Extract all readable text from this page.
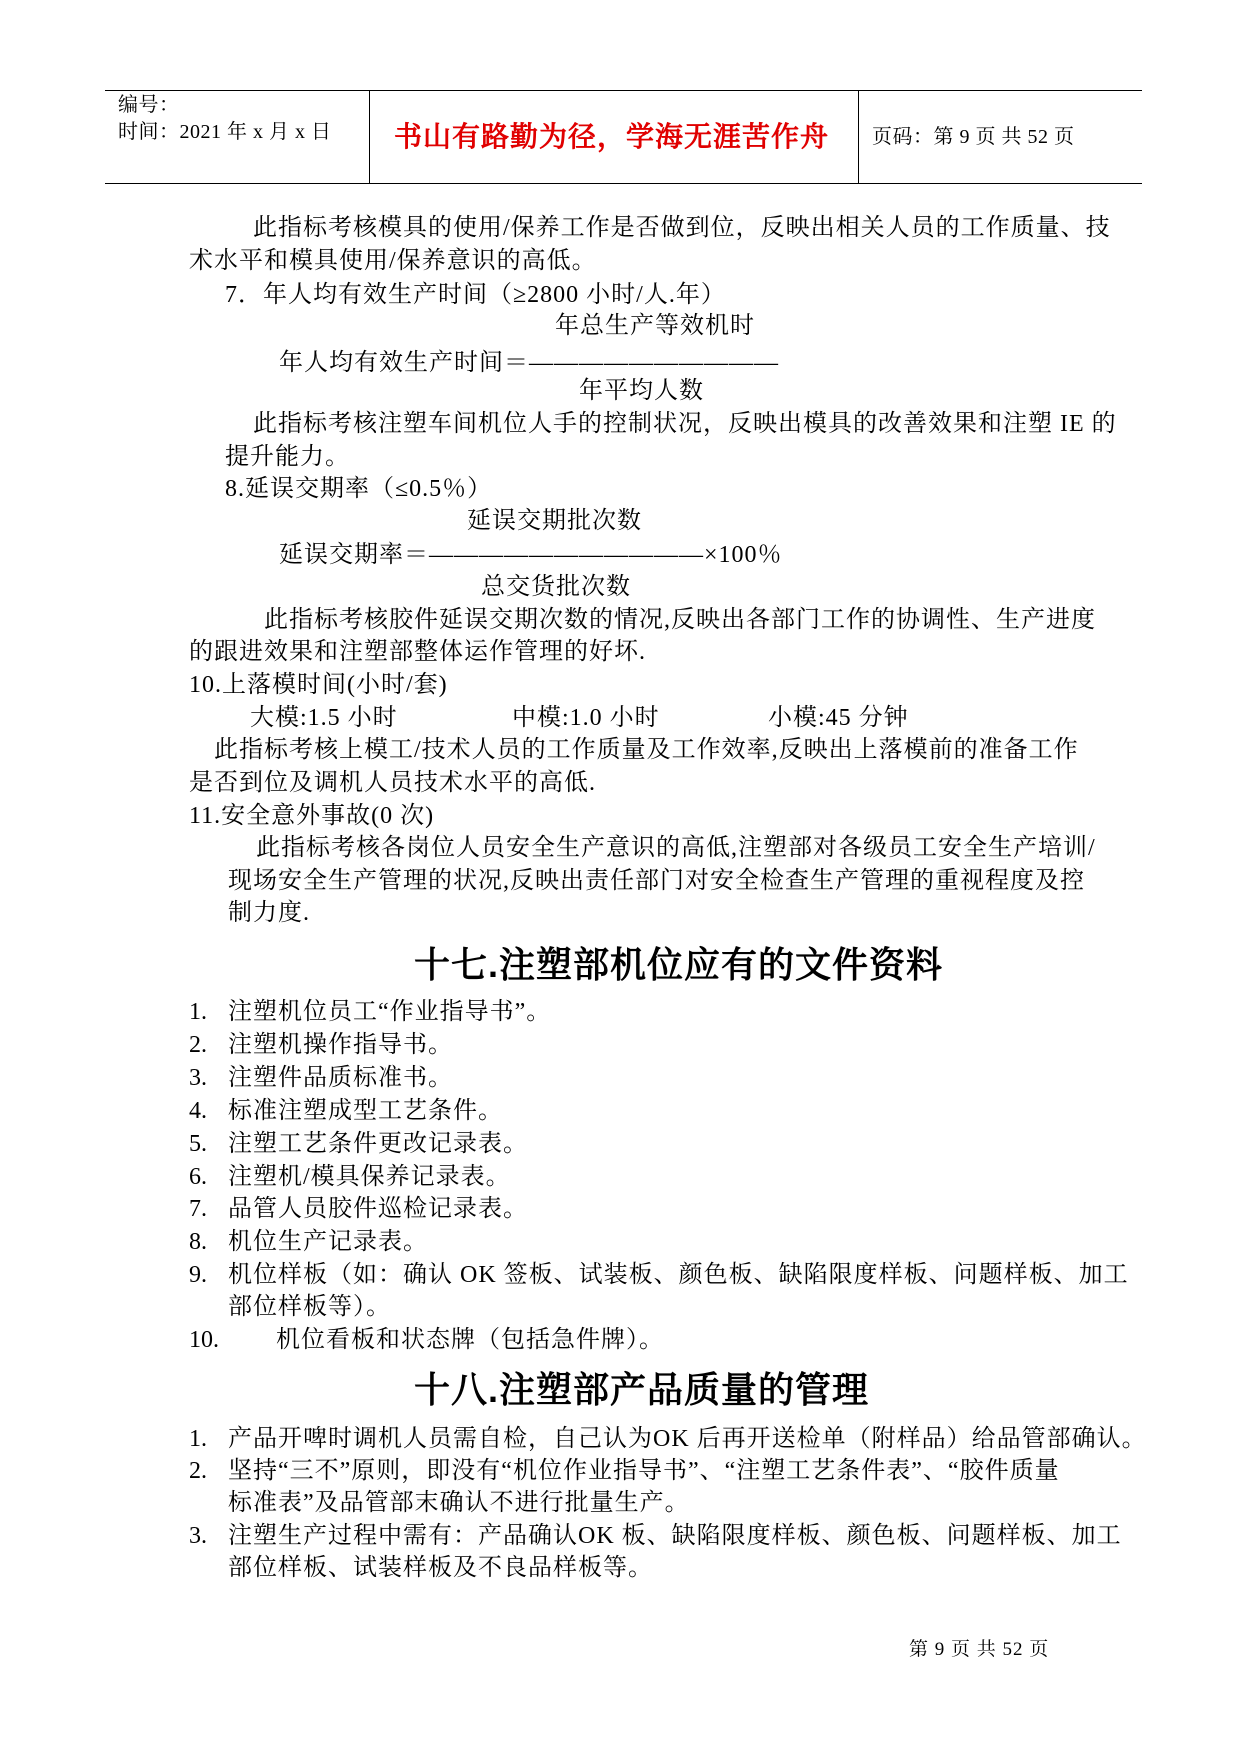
编号：
时间：2021 年 x 月 x 日 书山有路勤为径，学海无涯苦作舟 页码：第 9 页 共 52 页
此指标考核模具的使用/保养工作是否做到位，反映出相关人员的工作质量、技
术水平和模具使用/保养意识的高低。
7．年人均有效生产时间（≥2800 小时/人.年）
年总生产等效机时
年人均有效生产时间＝——————————
年平均人数
此指标考核注塑车间机位人手的控制状况，反映出模具的改善效果和注塑 IE 的
提升能力。
8.延误交期率（≤0.5％）
延误交期批次数
延误交期率＝———————————×100％
总交货批次数
此指标考核胶件延误交期次数的情况,反映出各部门工作的协调性、生产进度
的跟进效果和注塑部整体运作管理的好坏.
10.上落模时间(小时/套)
大模:1.5 小时	中模:1.0 小时	小模:45 分钟
此指标考核上模工/技术人员的工作质量及工作效率,反映出上落模前的准备工作
是否到位及调机人员技术水平的高低.
11.安全意外事故(0 次)
此指标考核各岗位人员安全生产意识的高低,注塑部对各级员工安全生产培训/
现场安全生产管理的状况,反映出责任部门对安全检查生产管理的重视程度及控
制力度.
十七.注塑部机位应有的文件资料
1. 注塑机位员工“作业指导书”。
2. 注塑机操作指导书。
3. 注塑件品质标准书。
4. 标准注塑成型工艺条件。
5. 注塑工艺条件更改记录表。
6. 注塑机/模具保养记录表。
7. 品管人员胶件巡检记录表。
8. 机位生产记录表。
9. 机位样板（如：确认 OK 签板、试装板、颜色板、缺陷限度样板、问题样板、加工
部位样板等）。
10. 机位看板和状态牌（包括急件牌）。
十八.注塑部产品质量的管理
1. 产品开啤时调机人员需自检，自己认为OK 后再开送检单（附样品）给品管部确认。
2. 坚持“三不”原则，即没有“机位作业指导书”、“注塑工艺条件表”、“胶件质量
标准表”及品管部末确认不进行批量生产。
3. 注塑生产过程中需有：产品确认OK 板、缺陷限度样板、颜色板、问题样板、加工
部位样板、试装样板及不良品样板等。
第 9 页 共 52 页
